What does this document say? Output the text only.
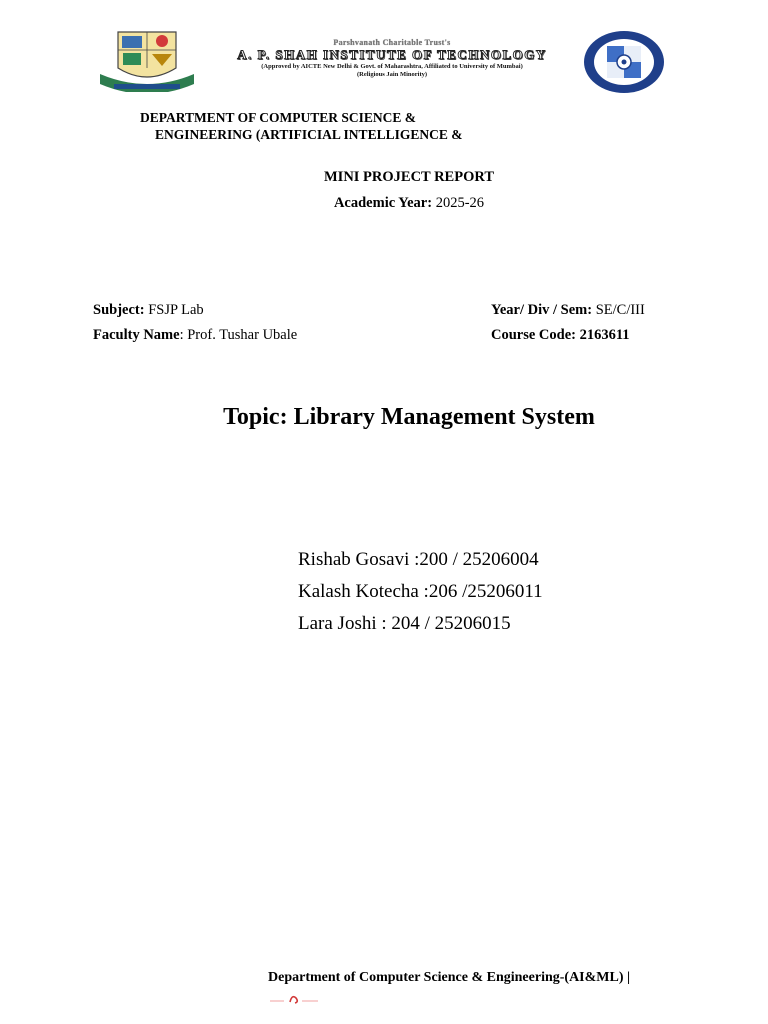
Parshvanath Charitable Trust's
A. P. SHAH INSTITUTE OF TECHNOLOGY
(Approved by AICTE New Delhi & Govt. of Maharashtra, Affiliated to University of Mumbai)
(Religious Jain Minority)
DEPARTMENT OF COMPUTER SCIENCE &
ENGINEERING (ARTIFICIAL INTELLIGENCE &
MINI PROJECT REPORT
Academic Year: 2025-26
Subject: FSJP Lab
Faculty Name: Prof. Tushar Ubale
Year/ Div / Sem: SE/C/III
Course Code: 2163611
Topic: Library Management System
Rishab Gosavi :200 / 25206004
Kalash Kotecha :206 /25206011
Lara Joshi : 204 / 25206015
Department of Computer Science & Engineering-(AI&ML) |
